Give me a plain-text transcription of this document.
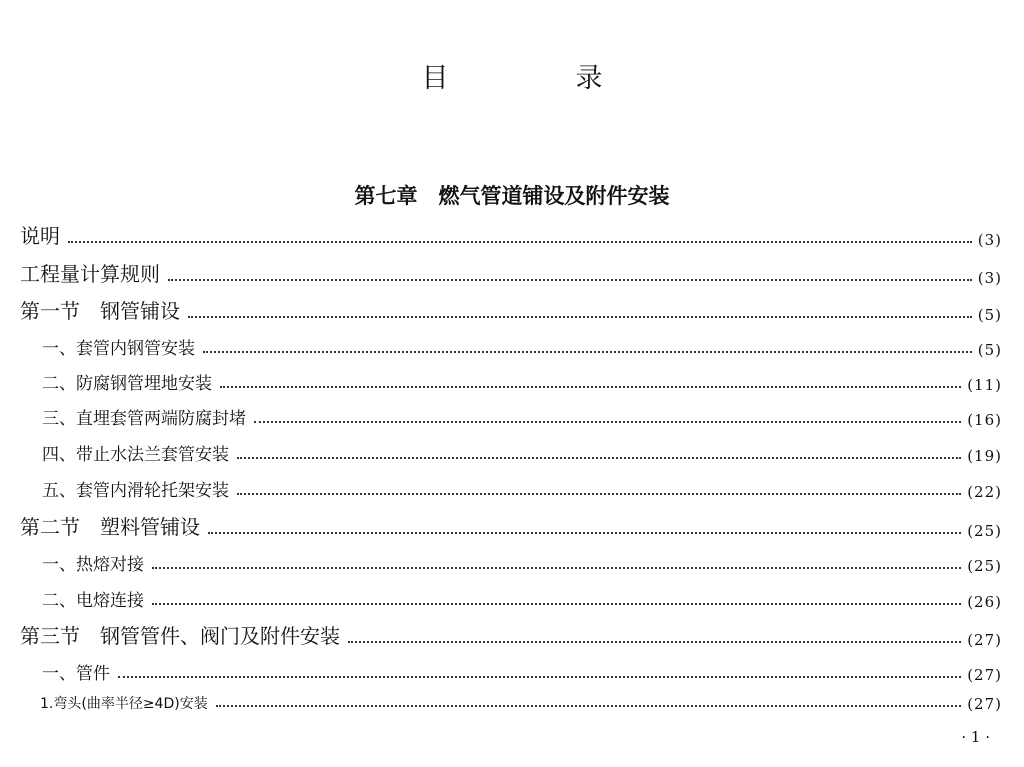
目　录
第七章　燃气管道铺设及附件安装
说明	(3)
工程量计算规则	(3)
第一节　钢管铺设	(5)
一、套管内钢管安装	(5)
二、防腐钢管埋地安装	(11)
三、直埋套管两端防腐封堵	(16)
四、带止水法兰套管安装	(19)
五、套管内滑轮托架安装	(22)
第二节　塑料管铺设	(25)
一、热熔对接	(25)
二、电熔连接	(26)
第三节　钢管管件、阀门及附件安装	(27)
一、管件	(27)
1.弯头(曲率半径≥4D)安装	(27)
· 1 ·
